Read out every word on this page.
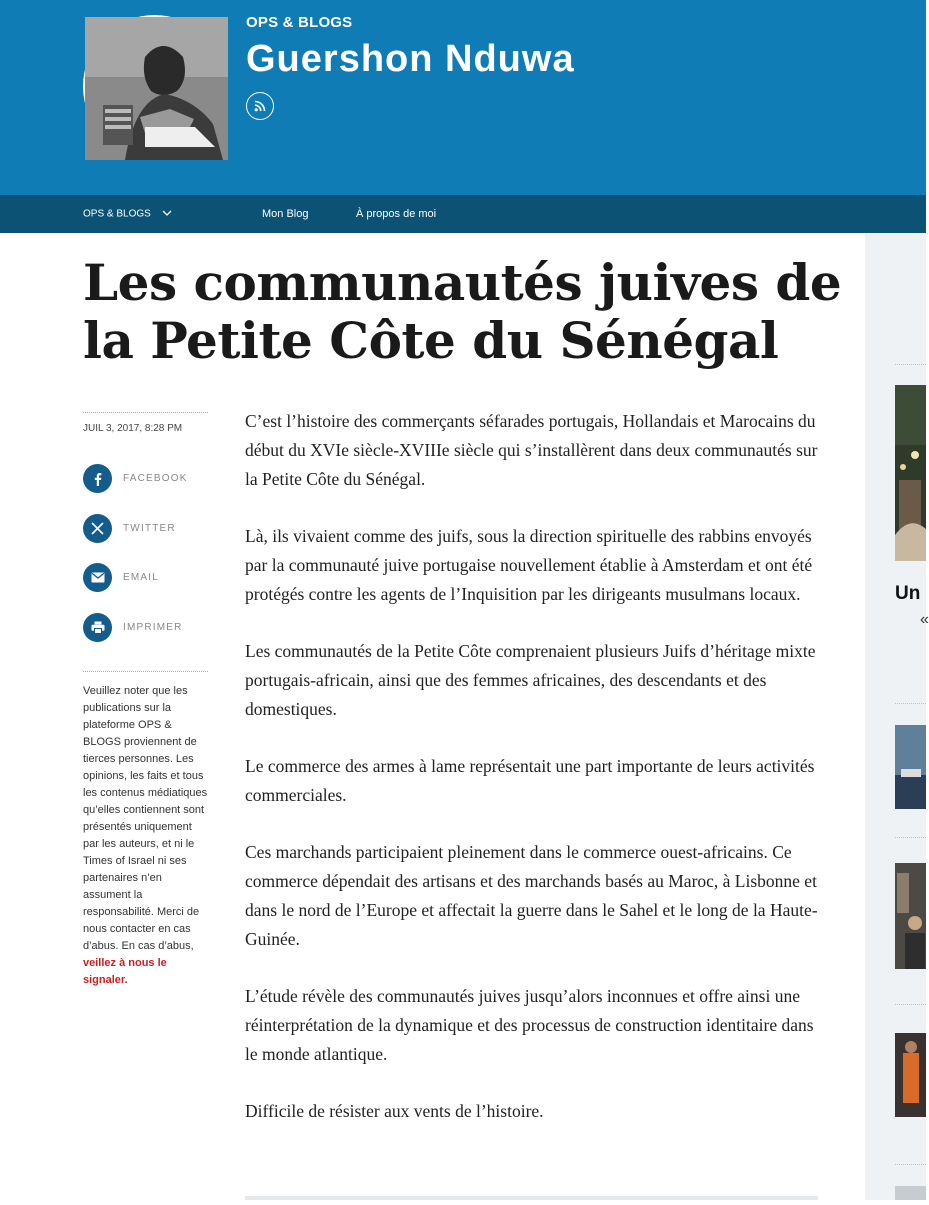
OPS & BLOGS
Guershon Nduwa
OPS & BLOGS	Mon Blog	À propos de moi
Un
«
Les communautés juives de la Petite Côte du Sénégal
JUIL 3, 2017, 8:28 PM
FACEBOOK
TWITTER
EMAIL
IMPRIMER
Veuillez noter que les publications sur la plateforme OPS & BLOGS proviennent de tierces personnes. Les opinions, les faits et tous les contenus médiatiques qu’elles contiennent sont présentés uniquement par les auteurs, et ni le Times of Israel ni ses partenaires n’en assument la responsabilité. Merci de nous contacter en cas d’abus. En cas d’abus, veillez à nous le signaler.

C’est l’histoire des commerçants séfarades portugais, Hollandais et Marocains du début du XVIe siècle-XVIIIe siècle qui s’installèrent dans deux communautés sur la Petite Côte du Sénégal.

Là, ils vivaient comme des juifs, sous la direction spirituelle des rabbins envoyés par la communauté juive portugaise nouvellement établie à Amsterdam et ont été protégés contre les agents de l’Inquisition par les dirigeants musulmans locaux.

Les communautés de la Petite Côte comprenaient plusieurs Juifs d’héritage mixte portugais-africain, ainsi que des femmes africaines, des descendants et des domestiques.

Le commerce des armes à lame représentait une part importante de leurs activités commerciales.

Ces marchands participaient pleinement dans le commerce ouest-africains. Ce commerce dépendait des artisans et des marchands basés au Maroc, à Lisbonne et dans le nord de l’Europe et affectait la guerre dans le Sahel et le long de la Haute-Guinée.

L’étude révèle des communautés juives jusqu’alors inconnues et offre ainsi une réinterprétation de la dynamique et des processus de construction identitaire dans le monde atlantique.

Difficile de résister aux vents de l’histoire.
